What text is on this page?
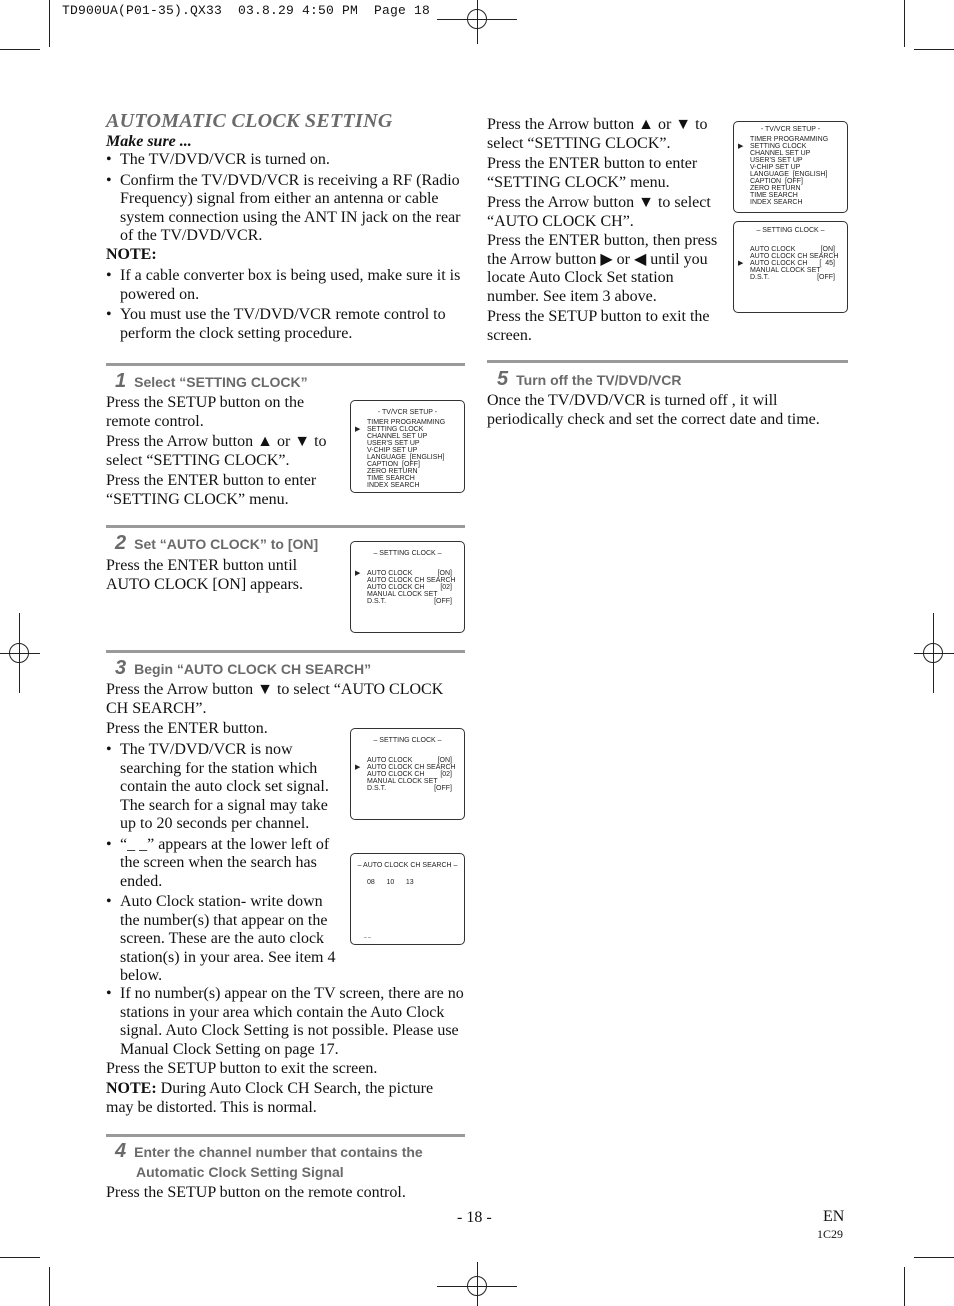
TD900UA(P01-35).QX33  03.8.29 4:50 PM  Page 18
AUTOMATIC CLOCK SETTING
Make sure ...
• The TV/DVD/VCR is turned on.
• Confirm the TV/DVD/VCR is receiving a RF (Radio Frequency) signal from either an antenna or cable system connection using the ANT IN jack on the rear of the TV/DVD/VCR.
NOTE:
• If a cable converter box is being used, make sure it is powered on.
• You must use the TV/DVD/VCR remote control to perform the clock setting procedure.
1 Select “SETTING CLOCK”
Press the SETUP button on the remote control.
Press the Arrow button ▲ or ▼ to select “SETTING CLOCK”.
Press the ENTER button to enter “SETTING CLOCK” menu.
- TV/VCR SETUP -
TIMER PROGRAMMING
▶ SETTING CLOCK
CHANNEL SET UP
USER'S SET UP
V-CHIP SET UP
LANGUAGE  [ENGLISH]
CAPTION  [OFF]
ZERO RETURN
TIME SEARCH
INDEX SEARCH
2 Set “AUTO CLOCK” to [ON]
Press the ENTER button until AUTO CLOCK [ON] appears.
– SETTING CLOCK –
▶ AUTO CLOCK	[ON]
AUTO CLOCK CH SEARCH
AUTO CLOCK CH [02]
MANUAL CLOCK SET
D.S.T.	[OFF]
3 Begin “AUTO CLOCK CH SEARCH”
Press the Arrow button ▼ to select “AUTO CLOCK CH SEARCH”.
Press the ENTER button.
• The TV/DVD/VCR is now searching for the station which contain the auto clock set signal. The search for a signal may take up to 20 seconds per channel.
• “_ _” appears at the lower left of the screen when the search has ended.
• Auto Clock station- write down the number(s) that appear on the screen. These are the auto clock station(s) in your area. See item 4 below.
• If no number(s) appear on the TV screen, there are no stations in your area which contain the Auto Clock signal. Auto Clock Setting is not possible. Please use Manual Clock Setting on page 17.
Press the SETUP button to exit the screen.
NOTE: During Auto Clock CH Search, the picture may be distorted. This is normal.
– SETTING CLOCK –
AUTO CLOCK	[ON]
▶ AUTO CLOCK CH SEARCH
AUTO CLOCK CH [02]
MANUAL CLOCK SET
D.S.T.	[OFF]
– AUTO CLOCK CH SEARCH –
08      10      13
_ _
4 Enter the channel number that contains the
Automatic Clock Setting Signal
Press the SETUP button on the remote control.
Press the Arrow button ▲ or ▼ to select “SETTING CLOCK”.
Press the ENTER button to enter “SETTING CLOCK” menu.
Press the Arrow button ▼ to select “AUTO CLOCK CH”.
Press the ENTER button, then press the Arrow button ▶ or ◀ until you locate Auto Clock Set station number. See item 3 above.
Press the SETUP button to exit the screen.
- TV/VCR SETUP -
TIMER PROGRAMMING
▶ SETTING CLOCK
CHANNEL SET UP
USER'S SET UP
V-CHIP SET UP
LANGUAGE  [ENGLISH]
CAPTION  [OFF]
ZERO RETURN
TIME SEARCH
INDEX SEARCH
– SETTING CLOCK –
AUTO CLOCK	[ON]
AUTO CLOCK CH SEARCH
▶ AUTO CLOCK CH [  45]
MANUAL CLOCK SET
D.S.T.	[OFF]
5 Turn off the TV/DVD/VCR
Once the TV/DVD/VCR is turned off , it will periodically check and set the correct date and time.
- 18 -	EN
1C29
